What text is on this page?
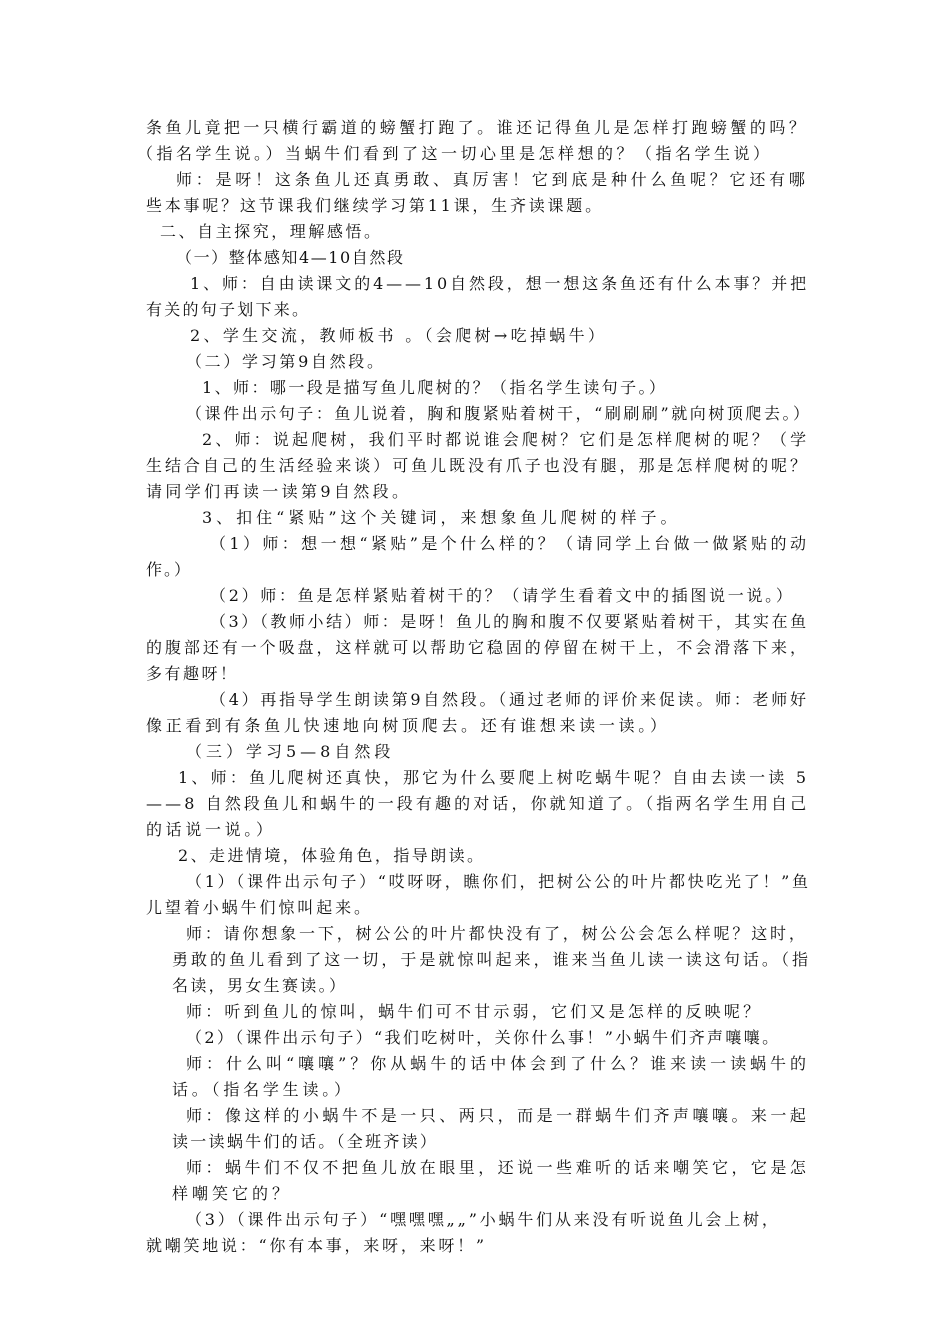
条鱼儿竟把一只横行霸道的螃蟹打跑了。谁还记得鱼儿是怎样打跑螃蟹的吗？
（指名学生说。）当蜗牛们看到了这一切心里是怎样想的？（指名学生说）
师：是呀！这条鱼儿还真勇敢、真厉害！它到底是种什么鱼呢？它还有哪
些本事呢？这节课我们继续学习第11课，生齐读课题。
二、自主探究，理解感悟。
（一）整体感知4—10自然段
1、师：自由读课文的4——10自然段，想一想这条鱼还有什么本事？并把
有关的句子划下来。
2、学生交流，教师板书 。（会爬树→吃掉蜗牛）
（二）学习第9自然段。
1、师：哪一段是描写鱼儿爬树的？（指名学生读句子。）
（课件出示句子：鱼儿说着，胸和腹紧贴着树干，“刷刷刷”就向树顶爬去。）
2、师：说起爬树，我们平时都说谁会爬树？它们是怎样爬树的呢？（学
生结合自己的生活经验来谈）可鱼儿既没有爪子也没有腿，那是怎样爬树的呢？
请同学们再读一读第9自然段。
3、扣住“紧贴”这个关键词，来想象鱼儿爬树的样子。
（1）师：想一想“紧贴”是个什么样的？（请同学上台做一做紧贴的动
作。）
（2）师：鱼是怎样紧贴着树干的？（请学生看着文中的插图说一说。）
（3）（教师小结）师：是呀！鱼儿的胸和腹不仅要紧贴着树干，其实在鱼
的腹部还有一个吸盘，这样就可以帮助它稳固的停留在树干上，不会滑落下来，
多有趣呀！
（4）再指导学生朗读第9自然段。（通过老师的评价来促读。师：老师好
像正看到有条鱼儿快速地向树顶爬去。还有谁想来读一读。）
（三）学习5—8自然段
1、师：鱼儿爬树还真快，那它为什么要爬上树吃蜗牛呢？自由去读一读 5
——8 自然段鱼儿和蜗牛的一段有趣的对话，你就知道了。（指两名学生用自己
的话说一说。）
2、走进情境，体验角色，指导朗读。
（1）（课件出示句子）“哎呀呀，瞧你们，把树公公的叶片都快吃光了！”鱼
儿望着小蜗牛们惊叫起来。
师：请你想象一下，树公公的叶片都快没有了，树公公会怎么样呢？这时，
勇敢的鱼儿看到了这一切，于是就惊叫起来，谁来当鱼儿读一读这句话。（指
名读，男女生赛读。）
师：听到鱼儿的惊叫，蜗牛们可不甘示弱，它们又是怎样的反映呢？
（2）（课件出示句子）“我们吃树叶，关你什么事！”小蜗牛们齐声嚷嚷。
师：什么叫“嚷嚷”？你从蜗牛的话中体会到了什么？谁来读一读蜗牛的
话。（指名学生读。）
师：像这样的小蜗牛不是一只、两只，而是一群蜗牛们齐声嚷嚷。来一起
读一读蜗牛们的话。（全班齐读）
师：蜗牛们不仅不把鱼儿放在眼里，还说一些难听的话来嘲笑它，它是怎
样嘲笑它的？
（3）（课件出示句子）“嘿嘿嘿„„”小蜗牛们从来没有听说鱼儿会上树，
就嘲笑地说：“你有本事，来呀，来呀！”
